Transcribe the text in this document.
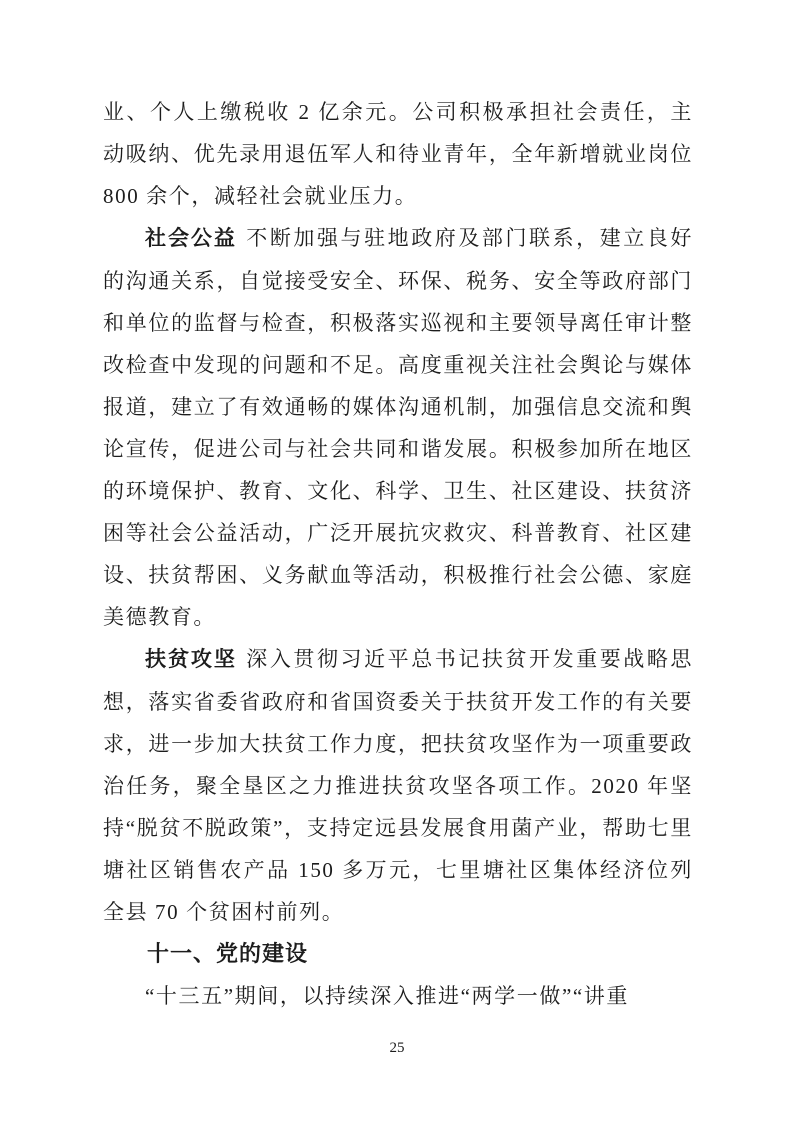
业、个人上缴税收 2 亿余元。公司积极承担社会责任，主动吸纳、优先录用退伍军人和待业青年，全年新增就业岗位 800 余个，减轻社会就业压力。

社会公益 不断加强与驻地政府及部门联系，建立良好的沟通关系，自觉接受安全、环保、税务、安全等政府部门和单位的监督与检查，积极落实巡视和主要领导离任审计整改检查中发现的问题和不足。高度重视关注社会舆论与媒体报道，建立了有效通畅的媒体沟通机制，加强信息交流和舆论宣传，促进公司与社会共同和谐发展。积极参加所在地区的环境保护、教育、文化、科学、卫生、社区建设、扶贫济困等社会公益活动，广泛开展抗灾救灾、科普教育、社区建设、扶贫帮困、义务献血等活动，积极推行社会公德、家庭美德教育。

扶贫攻坚 深入贯彻习近平总书记扶贫开发重要战略思想，落实省委省政府和省国资委关于扶贫开发工作的有关要求，进一步加大扶贫工作力度，把扶贫攻坚作为一项重要政治任务，聚全垦区之力推进扶贫攻坚各项工作。2020 年坚持“脱贫不脱政策”，支持定远县发展食用菌产业，帮助七里塘社区销售农产品 150 多万元，七里塘社区集体经济位列全县 70 个贫困村前列。

十一、党的建设

“十三五”期间，以持续深入推进“两学一做”“讲重

25
